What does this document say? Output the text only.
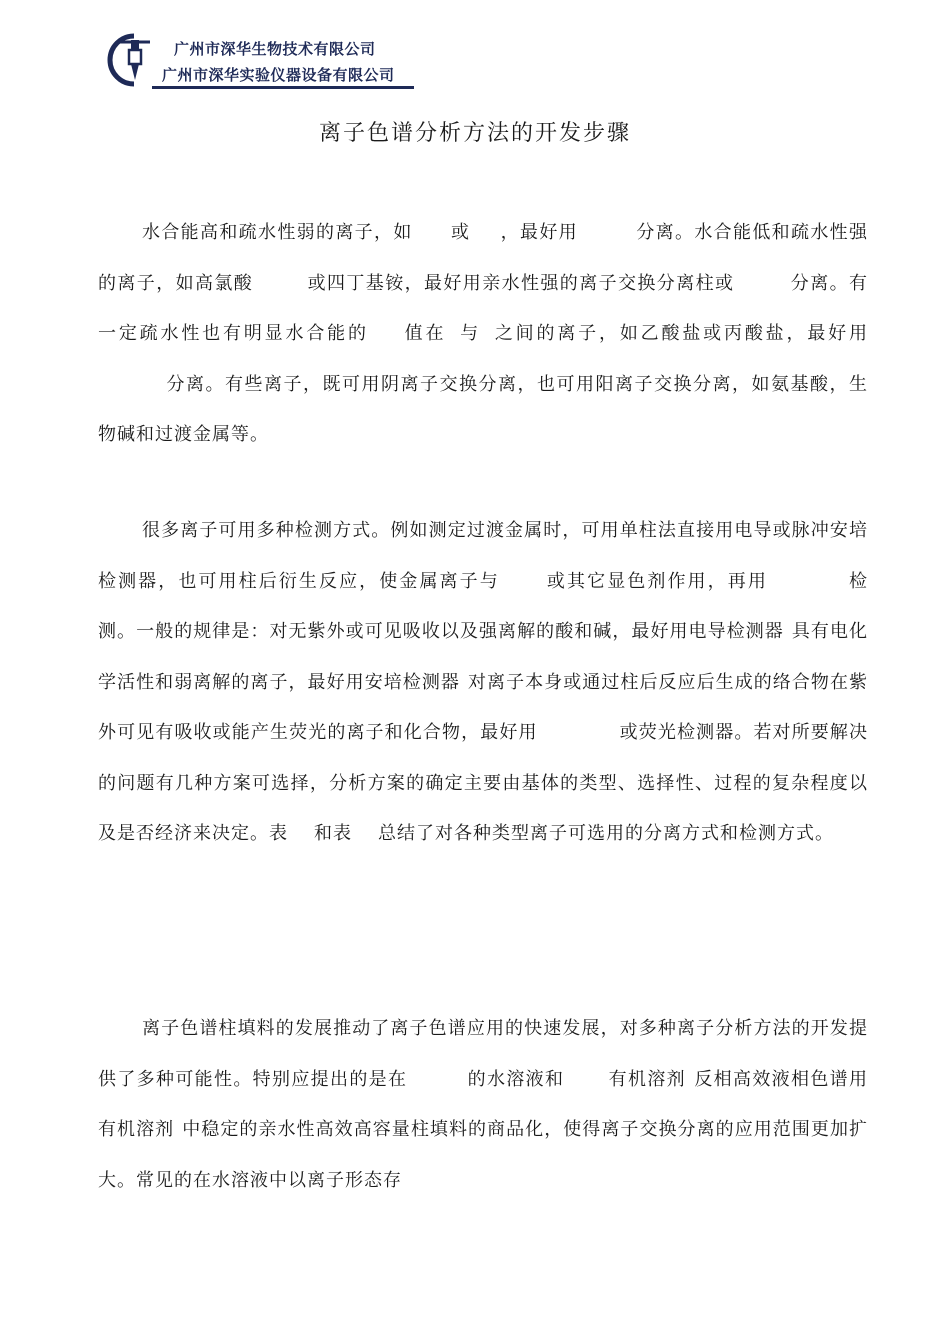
广州市深华生物技术有限公司
广州市深华实验仪器设备有限公司
离子色谱分析方法的开发步骤
水合能高和疏水性弱的离子，如 或 ，最好用	分离。水合能低和疏水性强的离子，如高氯酸	或四丁基铵，最好用亲水性强的离子交换分离柱或	分离。有一定疏水性也有明显水合能的 值在 与 之间的离子，如乙酸盐或丙酸盐，最好用分离。有些离子，既可用阴离子交换分离，也可用阳离子交换分离，如氨基酸，生物碱和过渡金属等。
很多离子可用多种检测方式。例如测定过渡金属时，可用单柱法直接用电导或脉冲安培检测器，也可用柱后衍生反应，使金属离子与	或其它显色剂作用，再用	检测。一般的规律是：对无紫外或可见吸收以及强离解的酸和碱，最好用电导检测器 具有电化学活性和弱离解的离子，最好用安培检测器 对离子本身或通过柱后反应后生成的络合物在紫外可见有吸收或能产生荧光的离子和化合物，最好用	或荧光检测器。若对所要解决的问题有几种方案可选择，分析方案的确定主要由基体的类型、选择性、过程的复杂程度以及是否经济来决定。表 和表 总结了对各种类型离子可选用的分离方式和检测方式。
离子色谱柱填料的发展推动了离子色谱应用的快速发展，对多种离子分析方法的开发提供了多种可能性。特别应提出的是在	的水溶液和 有机溶剂 反相高效液相色谱用有机溶剂 中稳定的亲水性高效高容量柱填料的商品化，使得离子交换分离的应用范围更加扩大。常见的在水溶液中以离子形态存
